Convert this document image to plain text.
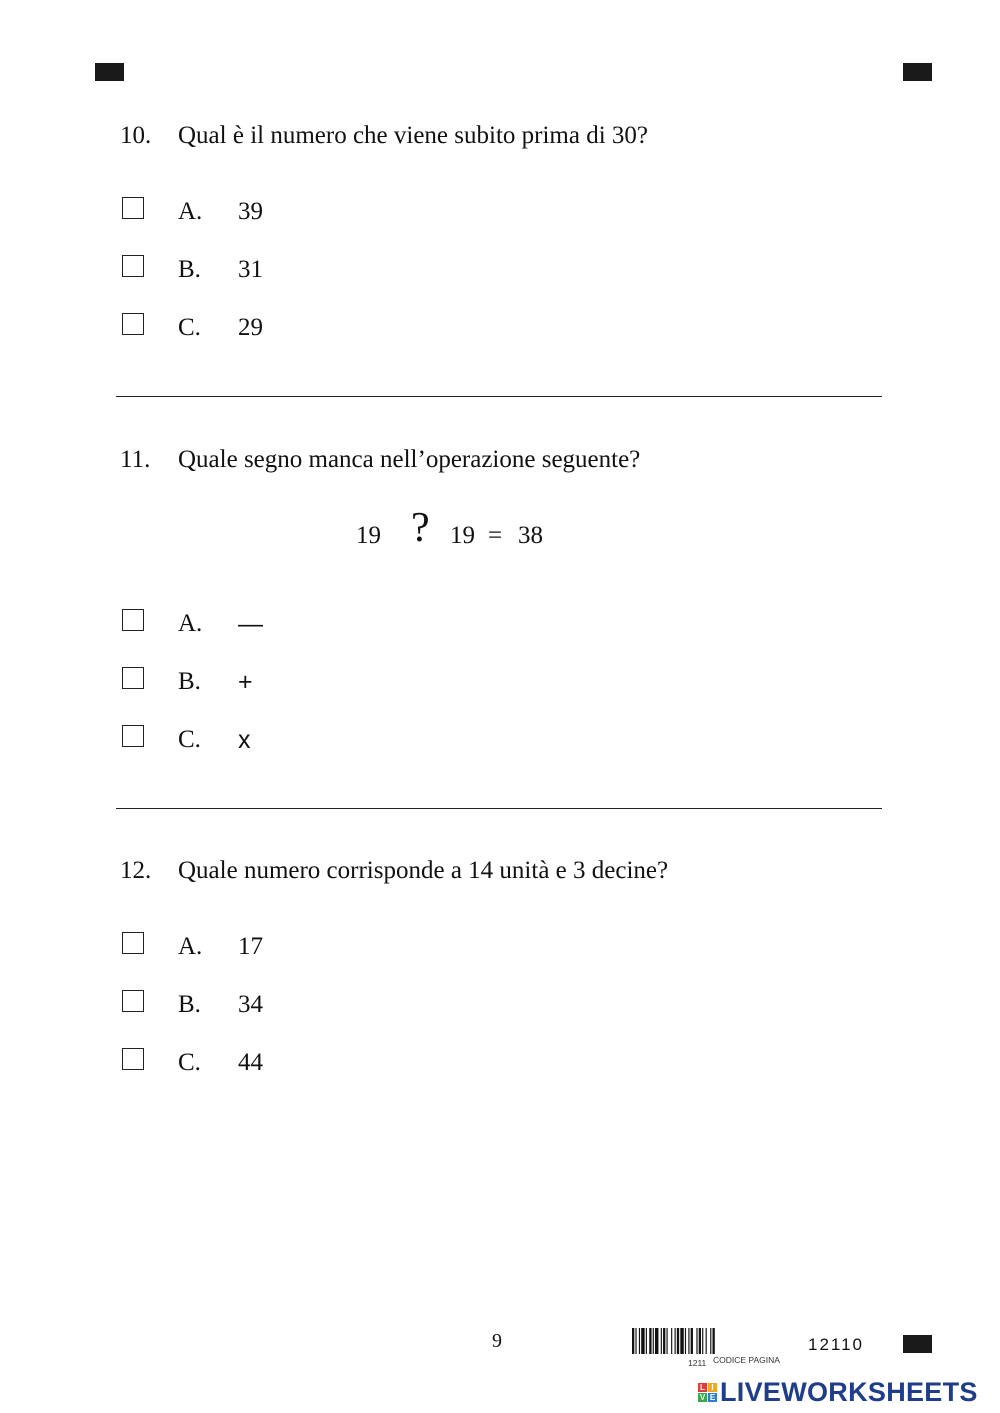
10. Qual è il numero che viene subito prima di 30?
A. 39
B. 31
C. 29
11. Quale segno manca nell’operazione seguente?
19 ? 19 = 38
A. —
B. +
C. x
12. Quale numero corrisponde a 14 unità e 3 decine?
A. 17
B. 34
C. 44
9
1211 CODICE PAGINA
12110
L I
V E LIVEWORKSHEETS
